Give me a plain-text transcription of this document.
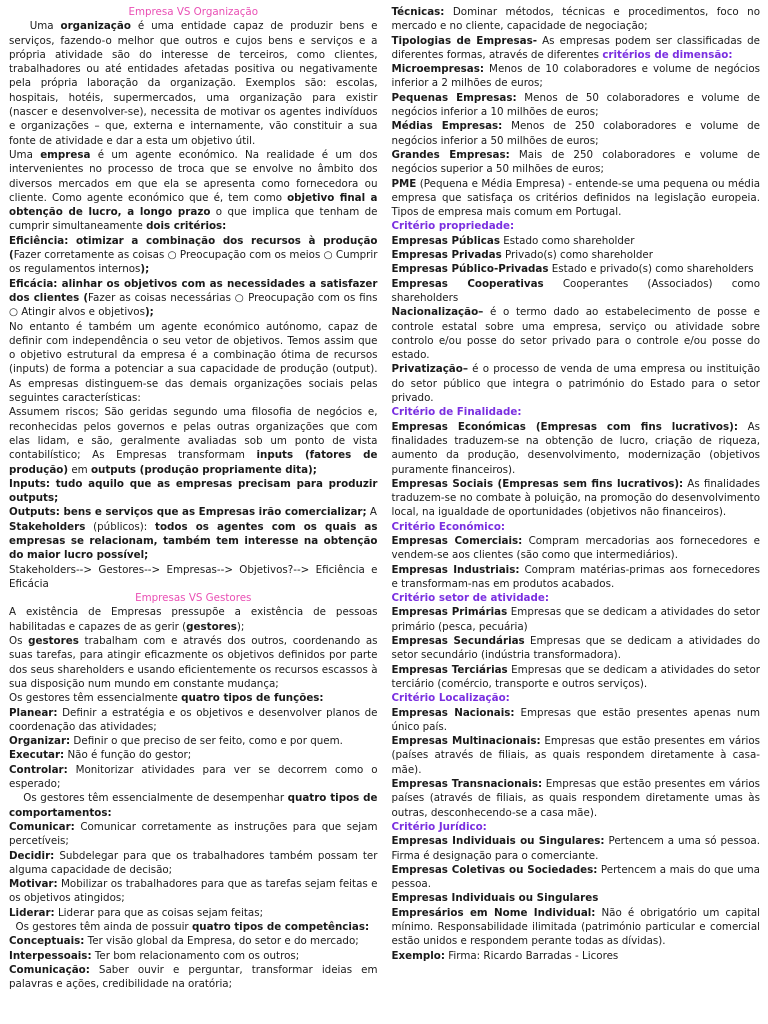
Empresa VS Organização

Uma organização é uma entidade capaz de produzir bens e serviços, fazendo-o melhor que outros e cujos bens e serviços e a própria atividade são do interesse de terceiros, como clientes, trabalhadores ou até entidades afetadas positiva ou negativamente pela própria laboração da organização. Exemplos são: escolas, hospitais, hotéis, supermercados, uma organização para existir (nascer e desenvolver-se), necessita de motivar os agentes indivíduos e organizações – que, externa e internamente, vão constituir a sua fonte de atividade e dar a esta um objetivo útil.

Uma empresa é um agente económico. Na realidade é um dos intervenientes no processo de troca que se envolve no âmbito dos diversos mercados em que ela se apresenta como fornecedora ou cliente. Como agente económico que é, tem como objetivo final a obtenção de lucro, a longo prazo o que implica que tenham de cumprir simultaneamente dois critérios:

Eficiência: otimizar a combinação dos recursos à produção (Fazer corretamente as coisas ○ Preocupação com os meios ○ Cumprir os regulamentos internos);

Eficácia: alinhar os objetivos com as necessidades a satisfazer dos clientes (Fazer as coisas necessárias ○ Preocupação com os fins ○ Atingir alvos e objetivos);

No entanto é também um agente económico autónomo, capaz de definir com independência o seu vetor de objetivos. Temos assim que o objetivo estrutural da empresa é a combinação ótima de recursos (inputs) de forma a potenciar a sua capacidade de produção (output). As empresas distinguem-se das demais organizações sociais pelas seguintes características:

Assumem riscos; São geridas segundo uma filosofia de negócios e, reconhecidas pelos governos e pelas outras organizações que com elas lidam, e são, geralmente avaliadas sob um ponto de vista contabilístico; As Empresas transformam inputs (fatores de produção) em outputs (produção propriamente dita);

Inputs: tudo aquilo que as empresas precisam para produzir outputs;

Outputs: bens e serviços que as Empresas irão comercializar; A

Stakeholders (públicos): todos os agentes com os quais as empresas se relacionam, também tem interesse na obtenção do maior lucro possível;

Stakeholders--> Gestores--> Empresas--> Objetivos?--> Eficiência e Eficácia

Empresas VS Gestores

A existência de Empresas pressupõe a existência de pessoas habilitadas e capazes de as gerir (gestores);

Os gestores trabalham com e através dos outros, coordenando as suas tarefas, para atingir eficazmente os objetivos definidos por parte dos seus shareholders e usando eficientemente os recursos escassos à sua disposição num mundo em constante mudança;

Os gestores têm essencialmente quatro tipos de funções:

Planear: Definir a estratégia e os objetivos e desenvolver planos de coordenação das atividades;

Organizar: Definir o que preciso de ser feito, como e por quem.

Executar: Não é função do gestor;

Controlar: Monitorizar atividades para ver se decorrem como o esperado;

Os gestores têm essencialmente de desempenhar quatro tipos de comportamentos:

Comunicar: Comunicar corretamente as instruções para que sejam percetíveis;

Decidir: Subdelegar para que os trabalhadores também possam ter alguma capacidade de decisão;

Motivar: Mobilizar os trabalhadores para que as tarefas sejam feitas e os objetivos atingidos;

Liderar: Liderar para que as coisas sejam feitas;

Os gestores têm ainda de possuir quatro tipos de competências:

Conceptuais: Ter visão global da Empresa, do setor e do mercado;

Interpessoais: Ter bom relacionamento com os outros;

Comunicação: Saber ouvir e perguntar, transformar ideias em palavras e ações, credibilidade na oratória;

Técnicas: Dominar métodos, técnicas e procedimentos, foco no mercado e no cliente, capacidade de negociação;

Tipologias de Empresas- As empresas podem ser classificadas de diferentes formas, através de diferentes critérios de dimensão:

Microempresas: Menos de 10 colaboradores e volume de negócios inferior a 2 milhões de euros;

Pequenas Empresas: Menos de 50 colaboradores e volume de negócios inferior a 10 milhões de euros;

Médias Empresas: Menos de 250 colaboradores e volume de negócios inferior a 50 milhões de euros;

Grandes Empresas: Mais de 250 colaboradores e volume de negócios superior a 50 milhões de euros;

PME (Pequena e Média Empresa) - entende-se uma pequena ou média empresa que satisfaça os critérios definidos na legislação europeia. Tipos de empresa mais comum em Portugal.

Critério propriedade:

Empresas Públicas Estado como shareholder

Empresas Privadas Privado(s) como shareholder

Empresas Público-Privadas Estado e privado(s) como shareholders

Empresas Cooperativas Cooperantes (Associados) como shareholders

Nacionalização– é o termo dado ao estabelecimento de posse e controle estatal sobre uma empresa, serviço ou atividade sobre controlo e/ou posse do setor privado para o controle e/ou posse do estado.

Privatização– é o processo de venda de uma empresa ou instituição do setor público que integra o património do Estado para o setor privado.

Critério de Finalidade:

Empresas Económicas (Empresas com fins lucrativos): As finalidades traduzem-se na obtenção de lucro, criação de riqueza, aumento da produção, desenvolvimento, modernização (objetivos puramente financeiros).

Empresas Sociais (Empresas sem fins lucrativos): As finalidades traduzem-se no combate à poluição, na promoção do desenvolvimento local, na igualdade de oportunidades (objetivos não financeiros).

Critério Económico:

Empresas Comerciais: Compram mercadorias aos fornecedores e vendem-se aos clientes (são como que intermediários).

Empresas Industriais: Compram matérias-primas aos fornecedores e transformam-nas em produtos acabados.

Critério setor de atividade:

Empresas Primárias Empresas que se dedicam a atividades do setor primário (pesca, pecuária)

Empresas Secundárias Empresas que se dedicam a atividades do setor secundário (indústria transformadora).

Empresas Terciárias Empresas que se dedicam a atividades do setor terciário (comércio, transporte e outros serviços).

Critério Localização:

Empresas Nacionais: Empresas que estão presentes apenas num único país.

Empresas Multinacionais: Empresas que estão presentes em vários (países através de filiais, as quais respondem diretamente à casa-mãe).

Empresas Transnacionais: Empresas que estão presentes em vários países (através de filiais, as quais respondem diretamente umas às outras, desconhecendo-se a casa mãe).

Critério Jurídico:

Empresas Individuais ou Singulares: Pertencem a uma só pessoa. Firma é designação para o comerciante.

Empresas Coletivas ou Sociedades: Pertencem a mais do que uma pessoa.

Empresas Individuais ou Singulares

Empresários em Nome Individual: Não é obrigatório um capital mínimo. Responsabilidade ilimitada (património particular e comercial estão unidos e respondem perante todas as dívidas).

Exemplo: Firma: Ricardo Barradas - Licores
